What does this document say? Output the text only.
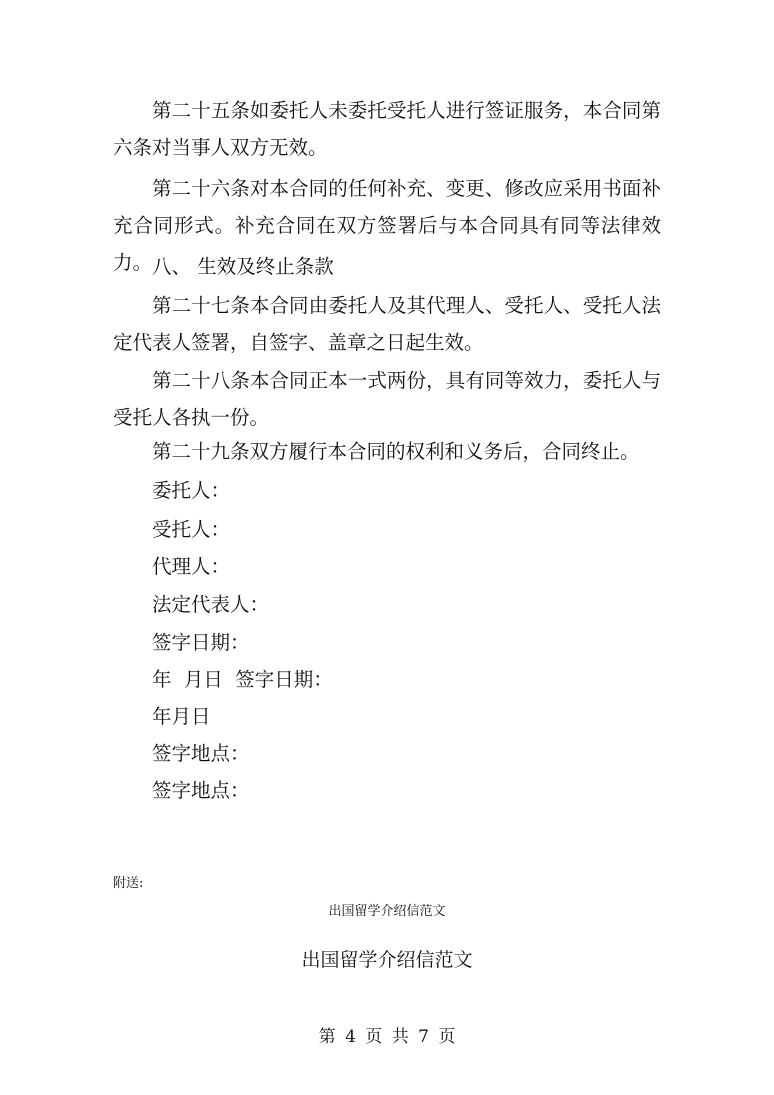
第二十五条如委托人未委托受托人进行签证服务，本合同第六条对当事人双方无效。

第二十六条对本合同的任何补充、变更、修改应采用书面补充合同形式。补充合同在双方签署后与本合同具有同等法律效力。 八、 生效及终止条款

第二十七条本合同由委托人及其代理人、受托人、受托人法定代表人签署，自签字、盖章之日起生效。

第二十八条本合同正本一式两份，具有同等效力，委托人与受托人各执一份。

第二十九条双方履行本合同的权利和义务后，合同终止。

委托人：

受托人：

代理人：

法定代表人：

签字日期：

年  月日  签字日期：

年月日

签字地点：

签字地点：

附送:
出国留学介绍信范文
出国留学介绍信范文
第 4 页 共 7 页
